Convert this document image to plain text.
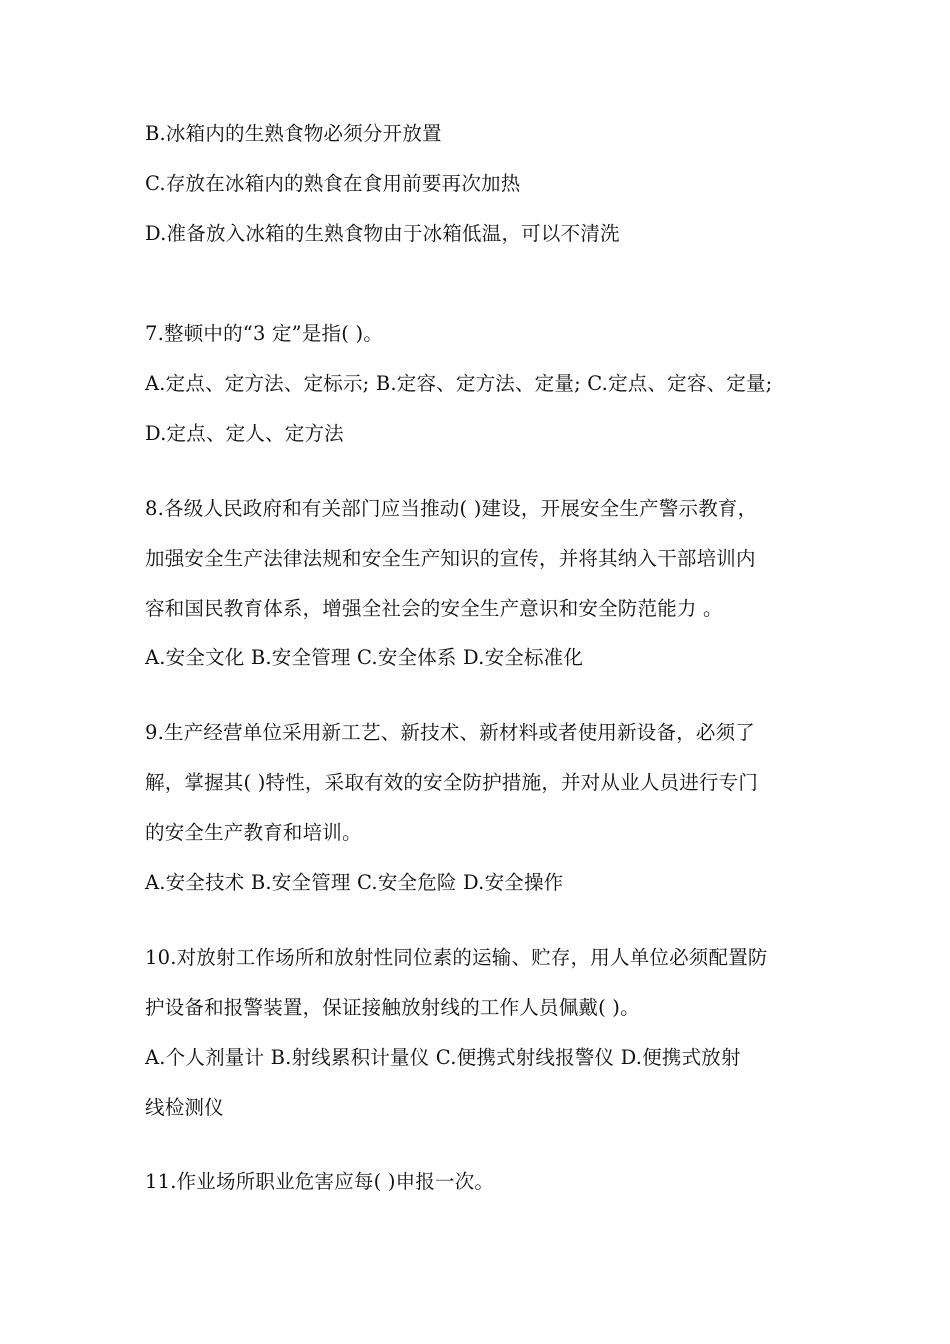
B.冰箱内的生熟食物必须分开放置
C.存放在冰箱内的熟食在食用前要再次加热
D.准备放入冰箱的生熟食物由于冰箱低温，可以不清洗
7.整顿中的“3 定”是指( )。
A.定点、定方法、定标示; B.定容、定方法、定量; C.定点、定容、定量;
D.定点、定人、定方法
8.各级人民政府和有关部门应当推动( )建设，开展安全生产警示教育，
加强安全生产法律法规和安全生产知识的宣传，并将其纳入干部培训内
容和国民教育体系，增强全社会的安全生产意识和安全防范能力 。
A.安全文化 B.安全管理 C.安全体系 D.安全标准化
9.生产经营单位采用新工艺、新技术、新材料或者使用新设备，必须了
解，掌握其( )特性，采取有效的安全防护措施，并对从业人员进行专门
的安全生产教育和培训。
A.安全技术 B.安全管理 C.安全危险 D.安全操作
10.对放射工作场所和放射性同位素的运输、贮存，用人单位必须配置防
护设备和报警装置，保证接触放射线的工作人员佩戴( )。
A.个人剂量计 B.射线累积计量仪 C.便携式射线报警仪 D.便携式放射
线检测仪
11.作业场所职业危害应每( )申报一次。
